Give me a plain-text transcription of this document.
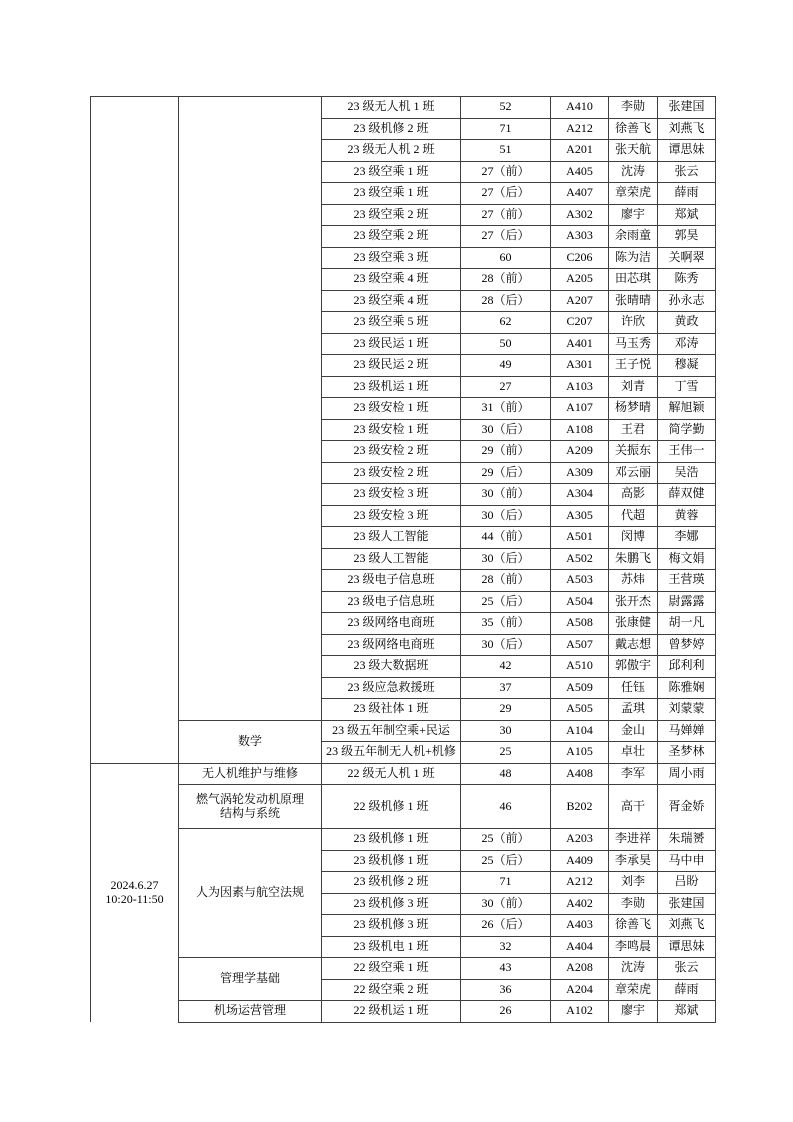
	23 级无人机 1 班	52	A410	李勋	张建国
		23 级机修 2 班	71	A212	徐善飞	刘燕飞
		23 级无人机 2 班	51	A201	张天航	谭思妹
		23 级空乘 1 班	27（前）	A405	沈涛	张云
		23 级空乘 1 班	27（后）	A407	章荣虎	薛雨
		23 级空乘 2 班	27（前）	A302	廖宇	郑斌
		23 级空乘 2 班	27（后）	A303	余雨童	郭昊
		23 级空乘 3 班	60	C206	陈为洁	关啊翠
		23 级空乘 4 班	28（前）	A205	田芯琪	陈秀
		23 级空乘 4 班	28（后）	A207	张晴晴	孙永志
		23 级空乘 5 班	62	C207	许欣	黄政
		23 级民运 1 班	50	A401	马玉秀	邓涛
		23 级民运 2 班	49	A301	王子悦	穆凝
		23 级机运 1 班	27	A103	刘青	丁雪
		23 级安检 1 班	31（前）	A107	杨梦晴	解旭颖
		23 级安检 1 班	30（后）	A108	王君	简学勤
		23 级安检 2 班	29（前）	A209	关振东	王伟一
		23 级安检 2 班	29（后）	A309	邓云丽	吴浩
		23 级安检 3 班	30（前）	A304	高影	薛双健
		23 级安检 3 班	30（后）	A305	代超	黄蓉
		23 级人工智能	44（前）	A501	闵博	李娜
		23 级人工智能	30（后）	A502	朱鹏飞	梅文娟
		23 级电子信息班	28（前）	A503	苏炜	王营瑛
		23 级电子信息班	25（后）	A504	张开杰	尉露露
		23 级网络电商班	35（前）	A508	张康健	胡一凡
		23 级网络电商班	30（后）	A507	戴志想	曾梦婷
		23 级大数据班	42	A510	郭傲宇	邱利利
		23 级应急救援班	37	A509	任钰	陈雅娴
		23 级社体 1 班	29	A505	孟琪	刘蒙蒙

	数学	23 级五年制空乘+民运	30	A104	金山	马婵婵
		23 级五年制无人机+机修	25	A105	卓壮	圣梦林

2024.6.27
10:20-11:50	无人机维护与维修	22 级无人机 1 班	48	A408	李军	周小雨

	燃气涡轮发动机原理
结构与系统	22 级机修 1 班	46	B202	高干	胥金娇

	人为因素与航空法规	23 级机修 1 班	25（前）	A203	李进祥	朱瑞赟
		23 级机修 1 班	25（后）	A409	李承昊	马中申
		23 级机修 2 班	71	A212	刘李	吕盼
		23 级机修 3 班	30（前）	A402	李勋	张建国
		23 级机修 3 班	26（后）	A403	徐善飞	刘燕飞
		23 级机电 1 班	32	A404	李鸣晨	谭思妹

	管理学基础	22 级空乘 1 班	43	A208	沈涛	张云
		22 级空乘 2 班	36	A204	章荣虎	薛雨

	机场运营管理	22 级机运 1 班	26	A102	廖宇	郑斌
